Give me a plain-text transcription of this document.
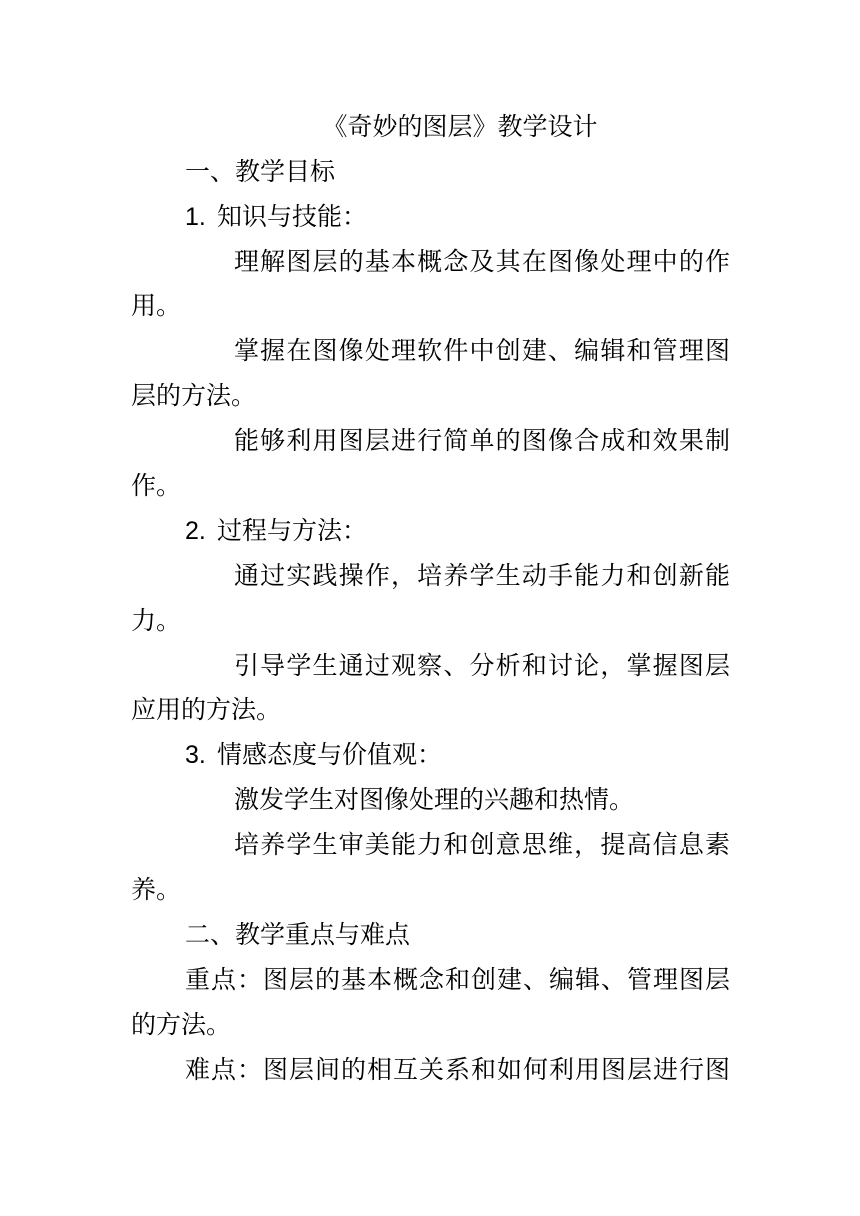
《奇妙的图层》教学设计

一、教学目标

1. 知识与技能：

理解图层的基本概念及其在图像处理中的作

用。

掌握在图像处理软件中创建、编辑和管理图

层的方法。

能够利用图层进行简单的图像合成和效果制

作。

2. 过程与方法：

通过实践操作，培养学生动手能力和创新能

力。

引导学生通过观察、分析和讨论，掌握图层

应用的方法。

3. 情感态度与价值观：

激发学生对图像处理的兴趣和热情。

培养学生审美能力和创意思维，提高信息素

养。

二、教学重点与难点

重点：图层的基本概念和创建、编辑、管理图层

的方法。

难点：图层间的相互关系和如何利用图层进行图
